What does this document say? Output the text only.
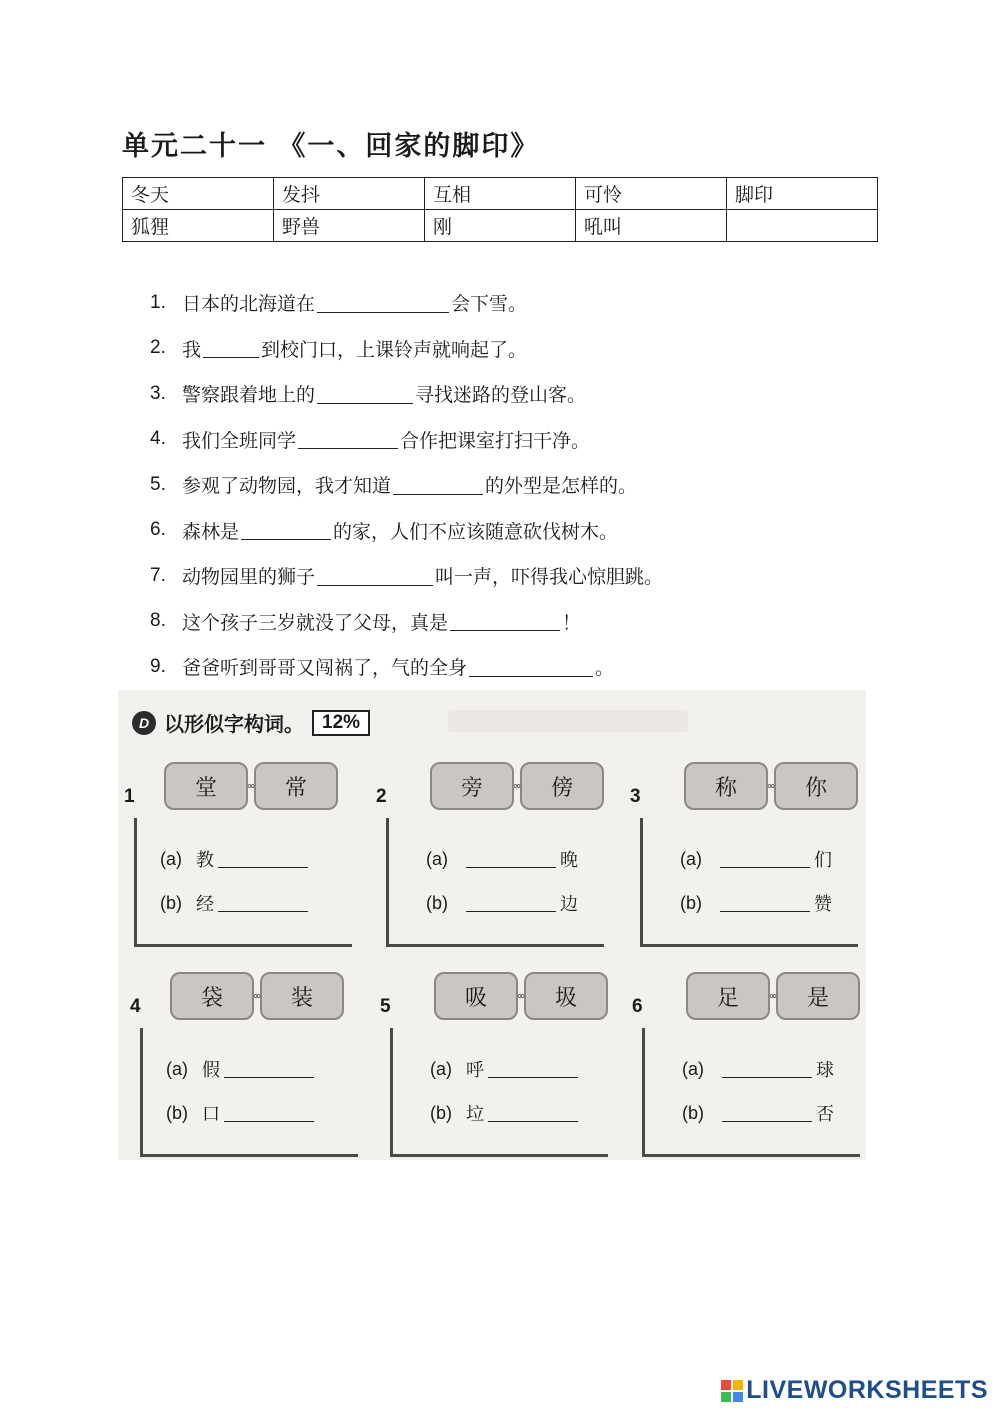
单元二十一 《一、回家的脚印》
冬天	发抖	互相	可怜	脚印
狐狸	野兽	刚	吼叫	
1. 日本的北海道在	会下雪。
2. 我	到校门口，上课铃声就响起了。
3. 警察跟着地上的	寻找迷路的登山客。
4. 我们全班同学	合作把课室打扫干净。
5. 参观了动物园，我才知道	的外型是怎样的。
6. 森林是	的家，人们不应该随意砍伐树木。
7. 动物园里的狮子	叫一声，吓得我心惊胆跳。
8. 这个孩子三岁就没了父母，真是	！
9. 爸爸听到哥哥又闯祸了，气的全身	。
D 以形似字构词。 12%
1	堂	∞	常
(a) 教
(b) 经
2	旁	∞	傍
(a)	晚
(b)	边
3	称	∞	你
(a)	们
(b)	赞
4	袋	∞	装
(a) 假
(b) 口
5	吸	∞	圾
(a) 呼
(b) 垃
6	足	∞	是
(a)	球
(b)	否
LIVEWORKSHEETS
